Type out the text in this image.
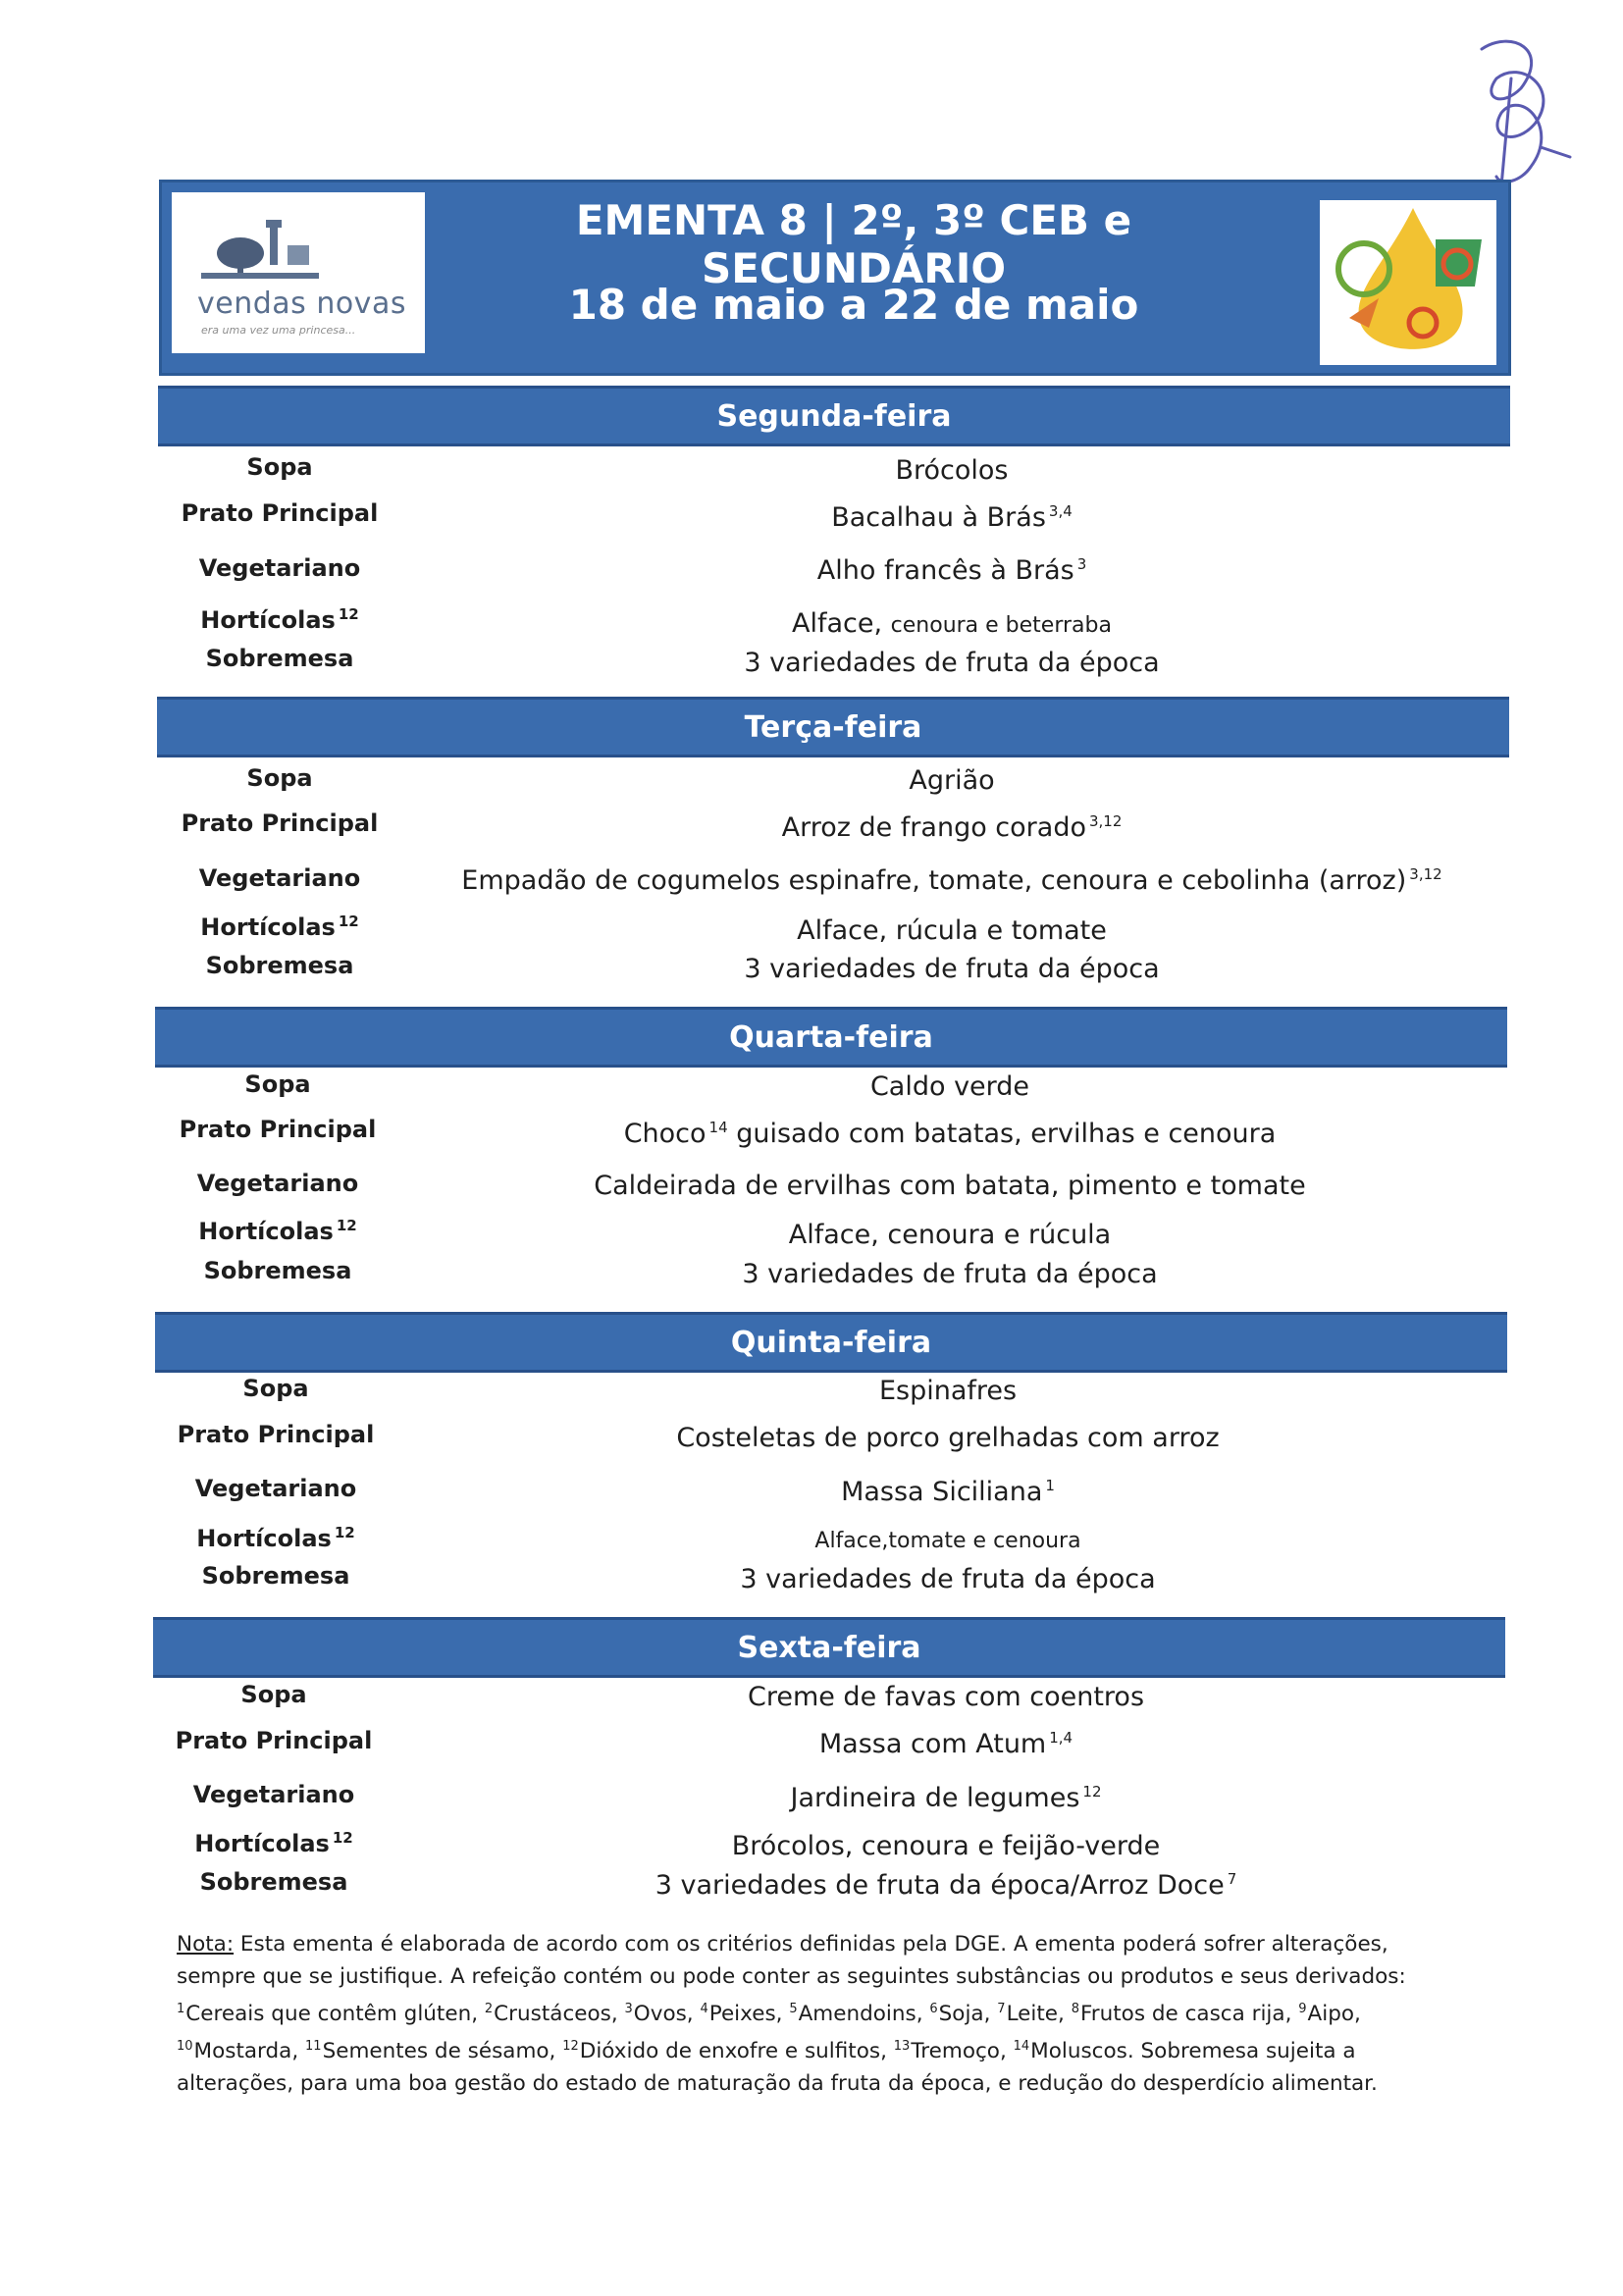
vendas novas
era uma vez uma princesa...
EMENTA 8 | 2º, 3º CEB e SECUNDÁRIO
18 de maio a 22 de maio
Segunda-feira
Sopa	Brócolos
Prato Principal	Bacalhau à Brás $^{3,4}$
Vegetariano	Alho francês à Brás $^3$
Hortícolas $^{12}$	Alface, cenoura e beterraba
Sobremesa	3 variedades de fruta da época
Terça-feira
Sopa	Agrião
Prato Principal	Arroz de frango corado $^{3,12}$
Vegetariano	Empadão de cogumelos espinafre, tomate, cenoura e cebolinha (arroz) $^{3,12}$
Hortícolas $^{12}$	Alface, rúcula e tomate
Sobremesa	3 variedades de fruta da época
Quarta-feira
Sopa	Caldo verde
Prato Principal	Choco $^{14}$ guisado com batatas, ervilhas e cenoura
Vegetariano	Caldeirada de ervilhas com batata, pimento e tomate
Hortícolas $^{12}$	Alface, cenoura e rúcula
Sobremesa	3 variedades de fruta da época
Quinta-feira
Sopa	Espinafres
Prato Principal	Costeletas de porco grelhadas com arroz
Vegetariano	Massa Siciliana $^1$
Hortícolas $^{12}$	Alface,tomate e cenoura
Sobremesa	3 variedades de fruta da época
Sexta-feira
Sopa	Creme de favas com coentros
Prato Principal	Massa com Atum $^{1,4}$
Vegetariano	Jardineira de legumes $^{12}$
Hortícolas $^{12}$	Brócolos, cenoura e feijão-verde
Sobremesa	3 variedades de fruta da época/Arroz Doce $^7$
Nota: Esta ementa é elaborada de acordo com os critérios definidas pela DGE. A ementa poderá sofrer alterações, sempre que se justifique. A refeição contém ou pode conter as seguintes substâncias ou produtos e seus derivados: $^1$Cereais que contêm glúten, $^2$Crustáceos, $^3$Ovos, $^4$Peixes, $^5$Amendoins, $^6$Soja, $^7$Leite, $^8$Frutos de casca rija, $^9$Aipo, $^{10}$Mostarda, $^{11}$Sementes de sésamo, $^{12}$Dióxido de enxofre e sulfitos, $^{13}$Tremoço, $^{14}$Moluscos. Sobremesa sujeita a alterações, para uma boa gestão do estado de maturação da fruta da época, e redução do desperdício alimentar.
